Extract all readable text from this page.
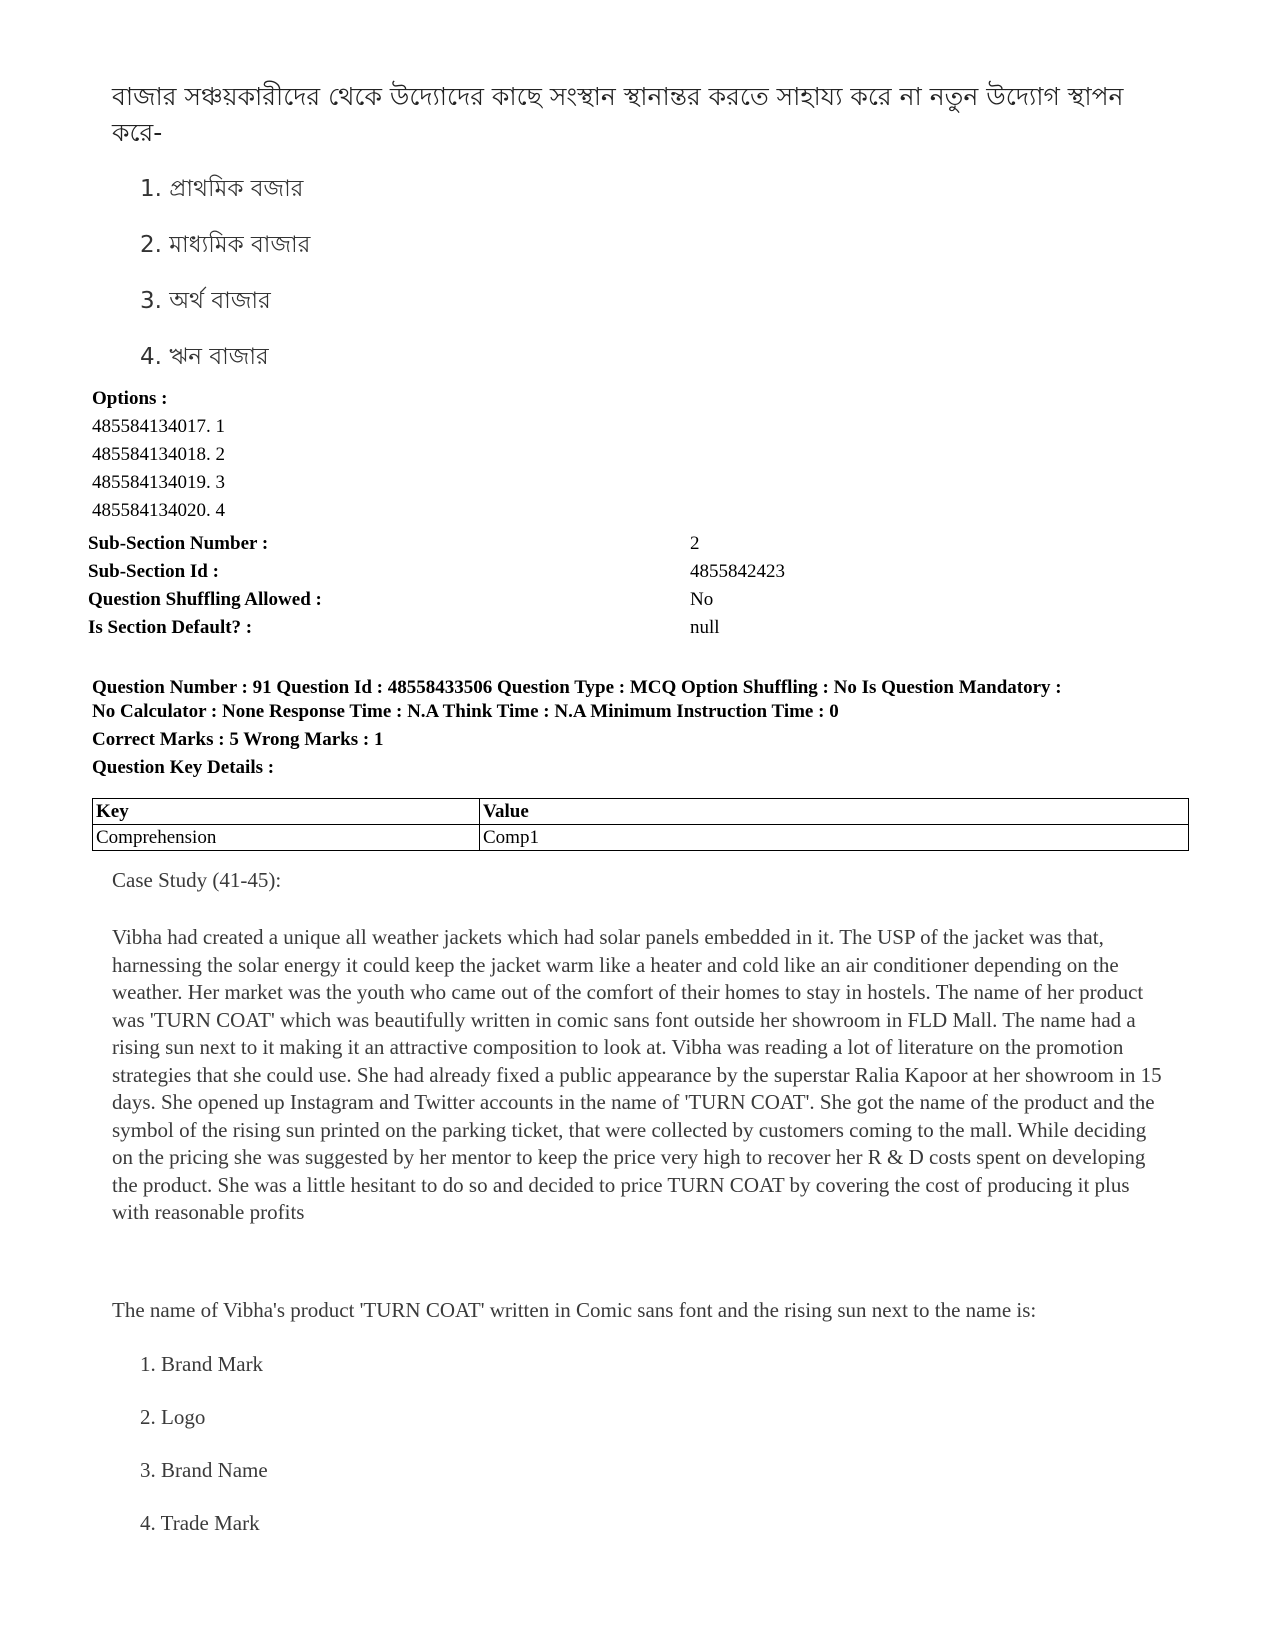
বাজার সঞ্চয়কারীদের থেকে উদ্যোদের কাছে সংস্থান স্থানান্তর করতে সাহায্য করে না নতুন উদ্যোগ স্থাপন করে-
1. প্রাথমিক বজার
2. মাধ্যমিক বাজার
3. অর্থ বাজার
4. ঋন বাজার
Options :
485584134017. 1
485584134018. 2
485584134019. 3
485584134020. 4
Sub-Section Number :	2
Sub-Section Id :	4855842423
Question Shuffling Allowed :	No
Is Section Default? :	null
Question Number : 91 Question Id : 48558433506 Question Type : MCQ Option Shuffling : No Is Question Mandatory :
No Calculator : None Response Time : N.A Think Time : N.A Minimum Instruction Time : 0
Correct Marks : 5 Wrong Marks : 1
Question Key Details :
Key	Value
Comprehension	Comp1
Case Study (41-45):
Vibha had created a unique all weather jackets which had solar panels embedded in it. The USP of the jacket was that, harnessing the solar energy it could keep the jacket warm like a heater and cold like an air conditioner depending on the weather. Her market was the youth who came out of the comfort of their homes to stay in hostels. The name of her product was 'TURN COAT' which was beautifully written in comic sans font outside her showroom in FLD Mall. The name had a rising sun next to it making it an attractive composition to look at. Vibha was reading a lot of literature on the promotion strategies that she could use. She had already fixed a public appearance by the superstar Ralia Kapoor at her showroom in 15 days. She opened up Instagram and Twitter accounts in the name of 'TURN COAT'. She got the name of the product and the symbol of the rising sun printed on the parking ticket, that were collected by customers coming to the mall. While deciding on the pricing she was suggested by her mentor to keep the price very high to recover her R & D costs spent on developing the product. She was a little hesitant to do so and decided to price TURN COAT by covering the cost of producing it plus with reasonable profits
The name of Vibha's product 'TURN COAT' written in Comic sans font and the rising sun next to the name is:
1. Brand Mark
2. Logo
3. Brand Name
4. Trade Mark
